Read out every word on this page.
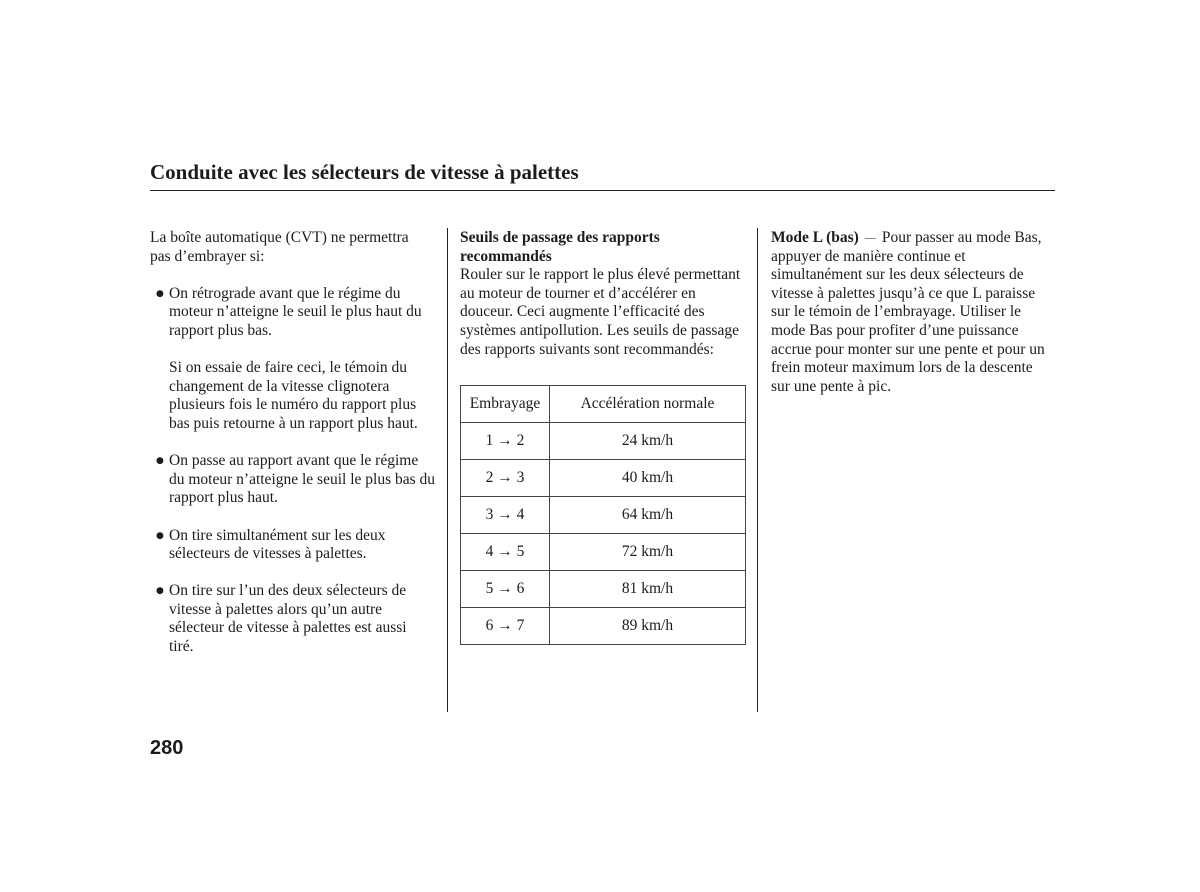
Conduite avec les sélecteurs de vitesse à palettes
La boîte automatique (CVT) ne permettra
pas d’embrayer si:
● On rétrograde avant que le régime du
moteur n’atteigne le seuil le plus haut du
rapport plus bas.
Si on essaie de faire ceci, le témoin du
changement de la vitesse clignotera
plusieurs fois le numéro du rapport plus
bas puis retourne à un rapport plus haut.
● On passe au rapport avant que le régime
du moteur n’atteigne le seuil le plus bas du
rapport plus haut.
● On tire simultanément sur les deux
sélecteurs de vitesses à palettes.
● On tire sur l’un des deux sélecteurs de
vitesse à palettes alors qu’un autre
sélecteur de vitesse à palettes est aussi
tiré.
Seuils de passage des rapports
recommandés
Rouler sur le rapport le plus élevé permettant
au moteur de tourner et d’accélérer en
douceur. Ceci augmente l’efficacité des
systèmes antipollution. Les seuils de passage
des rapports suivants sont recommandés:
Embrayage	Accélération normale
1 → 2	24 km/h
2 → 3	40 km/h
3 → 4	64 km/h
4 → 5	72 km/h
5 → 6	81 km/h
6 → 7	89 km/h
Mode L (bas) — Pour passer au mode Bas,
appuyer de manière continue et
simultanément sur les deux sélecteurs de
vitesse à palettes jusqu’à ce que L paraisse
sur le témoin de l’embrayage. Utiliser le
mode Bas pour profiter d’une puissance
accrue pour monter sur une pente et pour un
frein moteur maximum lors de la descente
sur une pente à pic.
280
